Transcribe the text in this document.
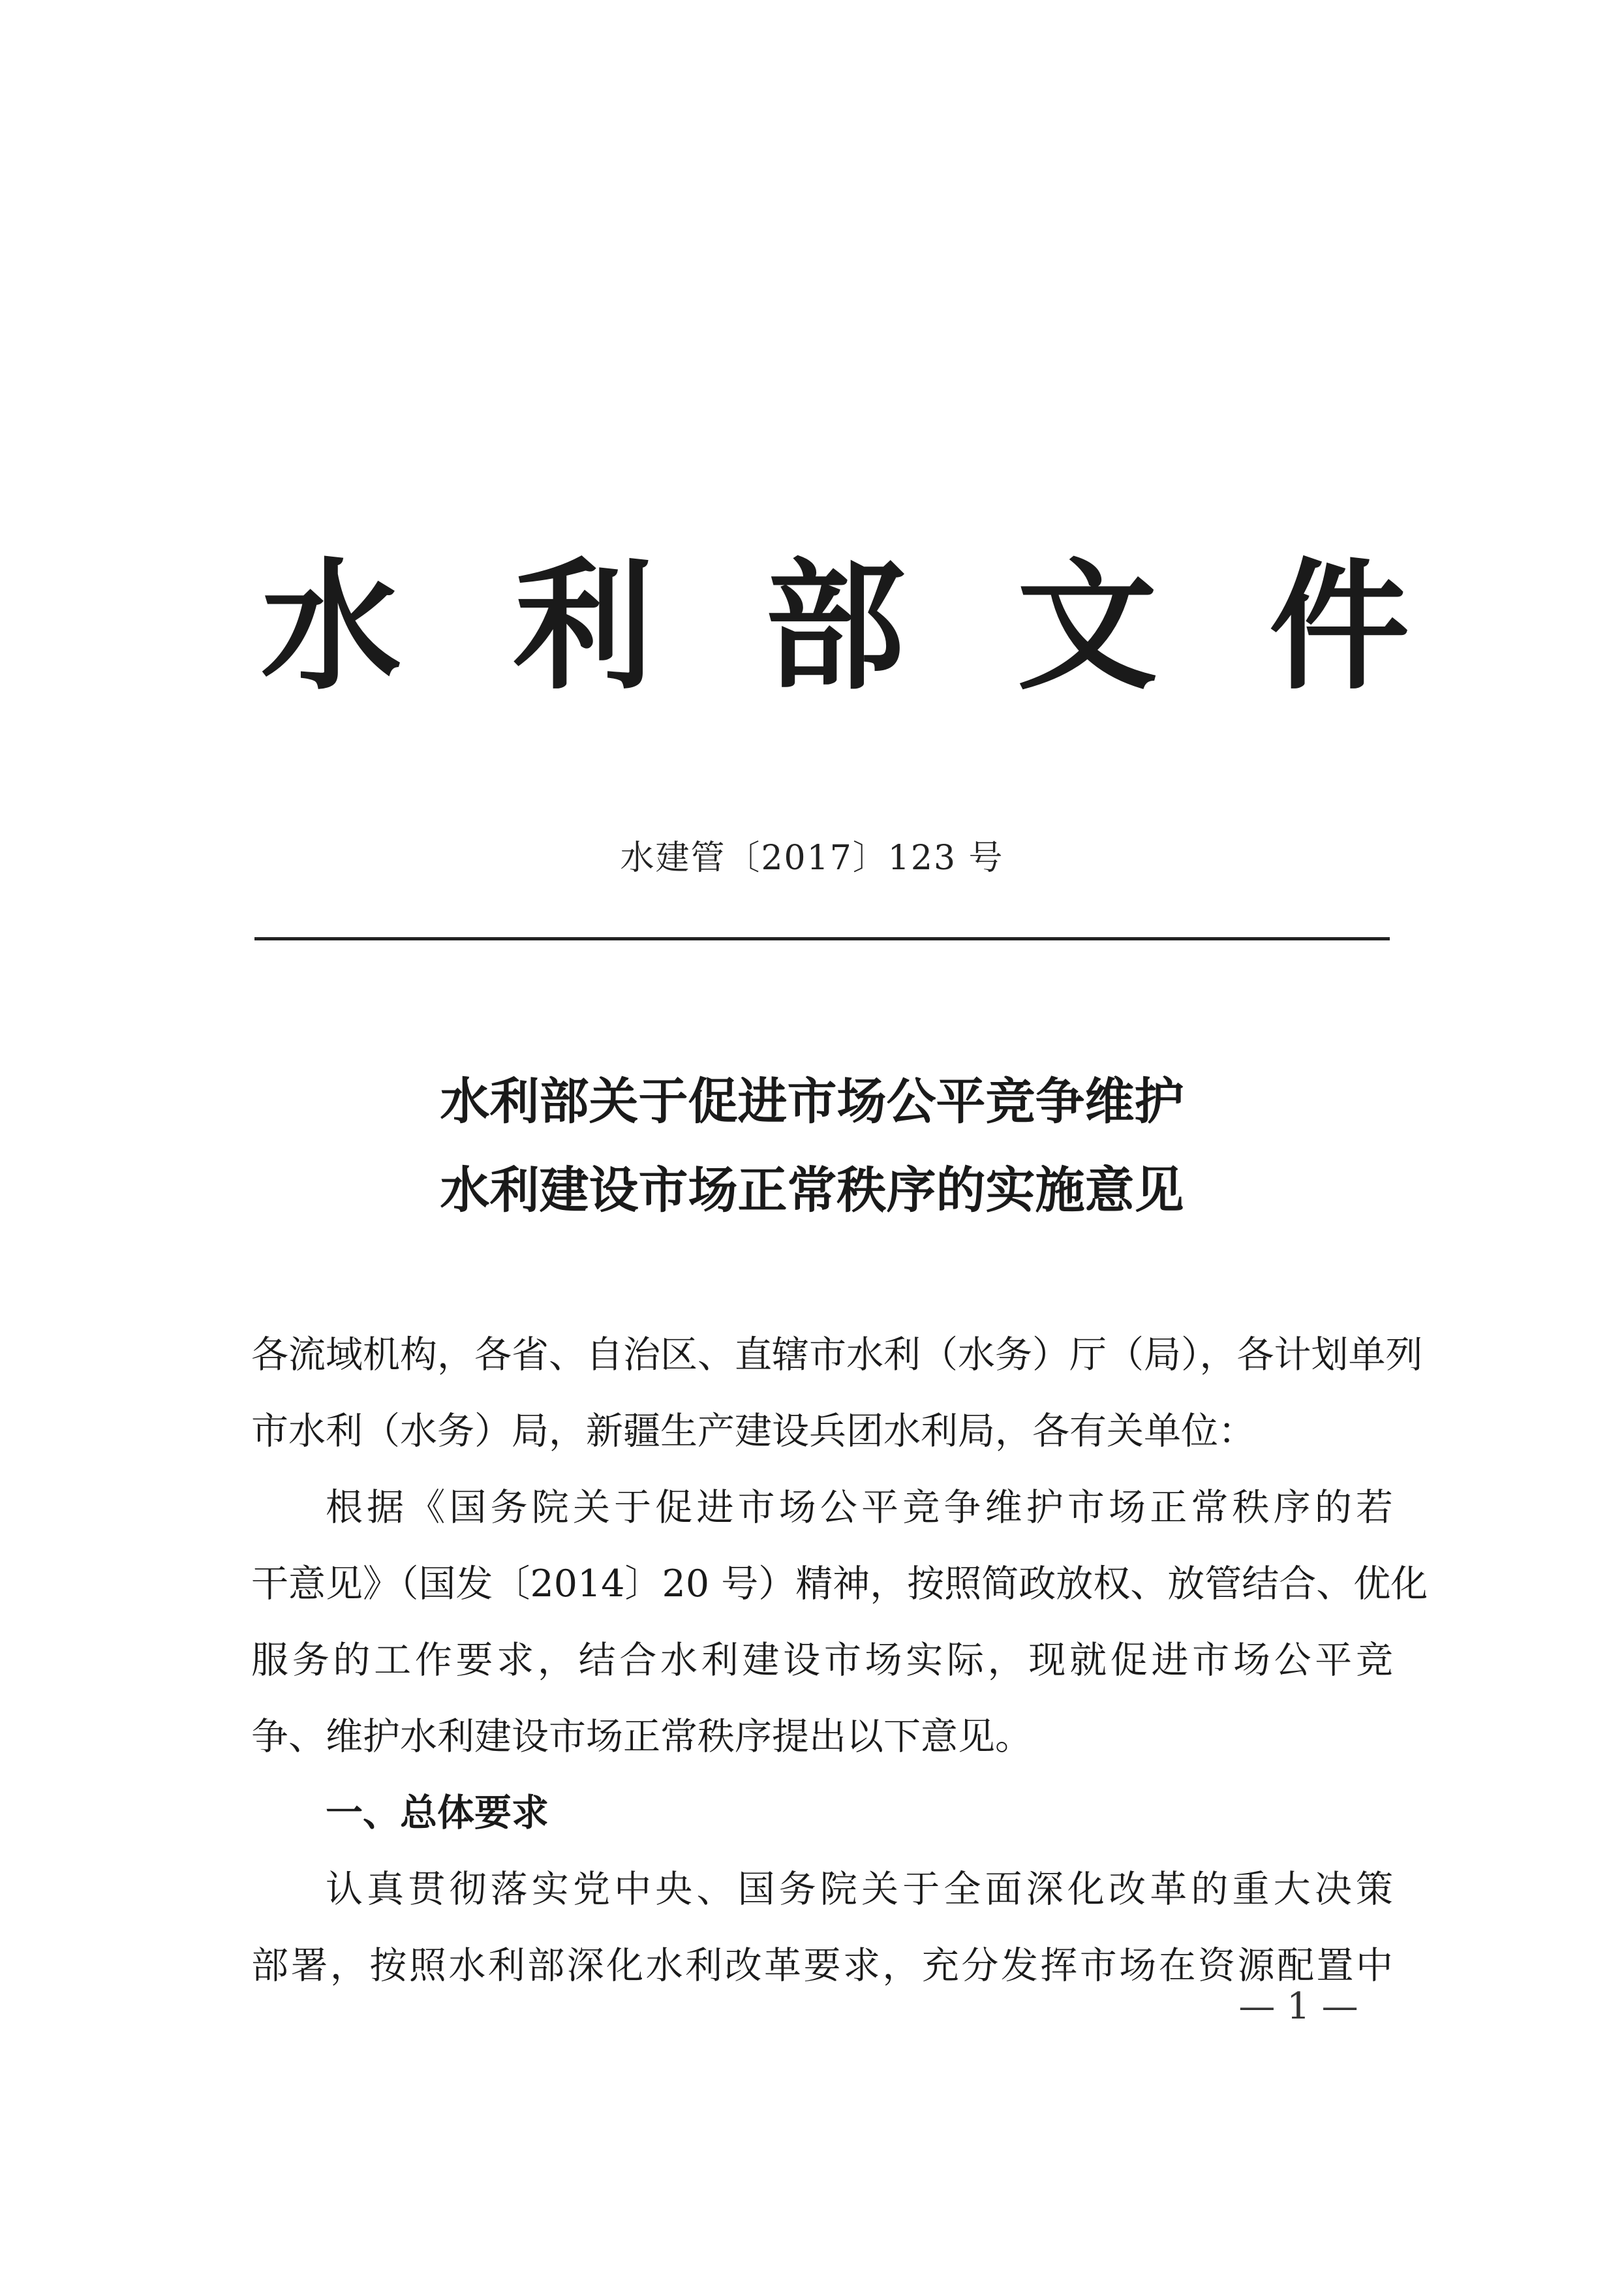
水 利 部 文 件
水建管〔2017〕123 号
水利部关于促进市场公平竞争维护
水利建设市场正常秩序的实施意见
各流域机构，各省、自治区、直辖市水利（水务）厅（局），各计划单列
市水利（水务）局，新疆生产建设兵团水利局，各有关单位：
根据《国务院关于促进市场公平竞争维护市场正常秩序的若
干意见》（国发〔2014〕20 号）精神，按照简政放权、放管结合、优化
服务的工作要求，结合水利建设市场实际，现就促进市场公平竞
争、维护水利建设市场正常秩序提出以下意见。
一、总体要求
认真贯彻落实党中央、国务院关于全面深化改革的重大决策
部署，按照水利部深化水利改革要求，充分发挥市场在资源配置中
— 1 —
